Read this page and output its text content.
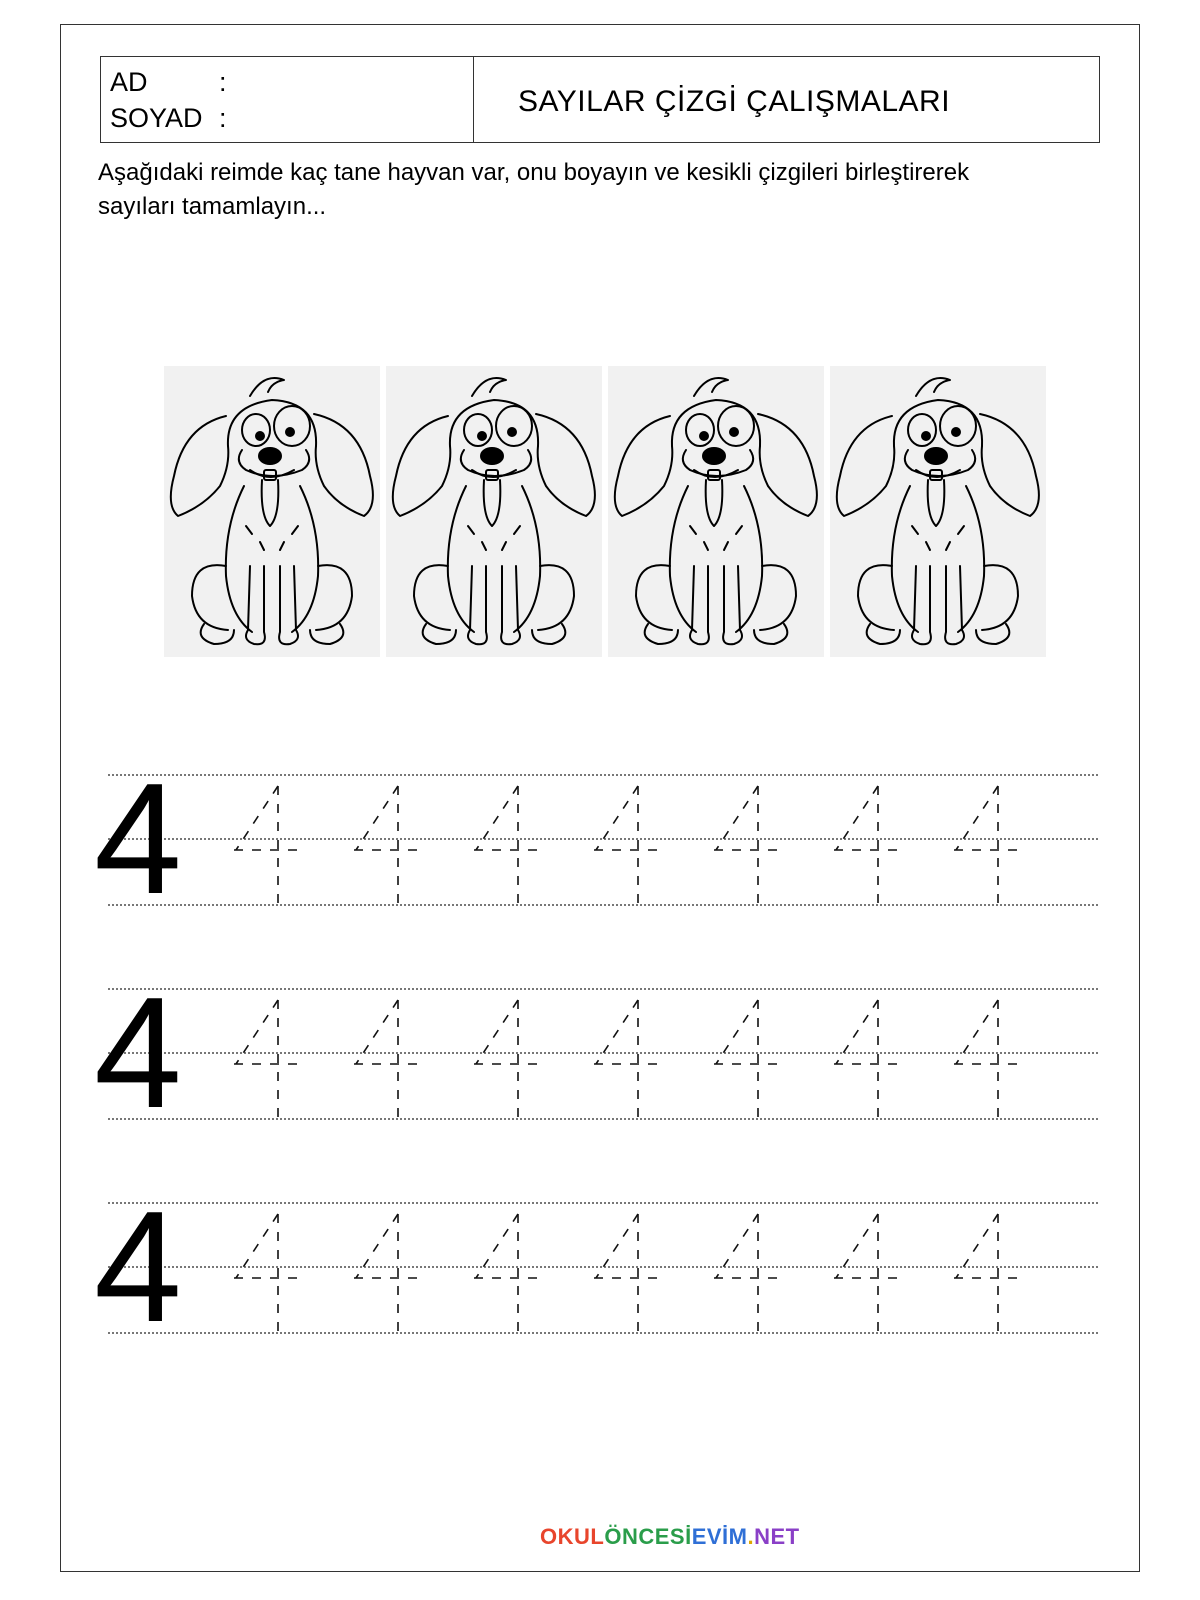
AD	:
SOYAD :	SAYILAR ÇİZGİ ÇALIŞMALARI
Aşağıdaki reimde kaç tane hayvan var, onu boyayın ve kesikli çizgileri birleştirerek sayıları tamamlayın...
4
4
4
OKULÖNCESİEVİM.NET
